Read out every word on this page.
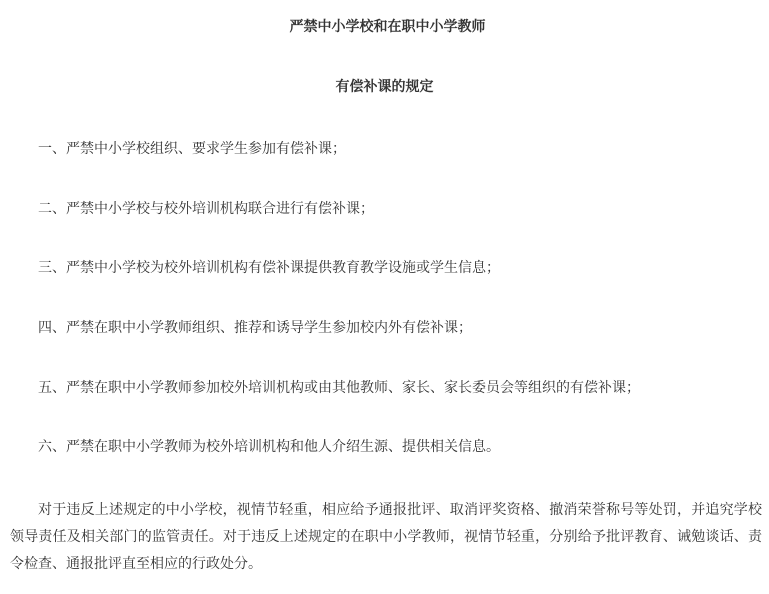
严禁中小学校和在职中小学教师
有偿补课的规定
一、严禁中小学校组织、要求学生参加有偿补课；
二、严禁中小学校与校外培训机构联合进行有偿补课；
三、严禁中小学校为校外培训机构有偿补课提供教育教学设施或学生信息；
四、严禁在职中小学教师组织、推荐和诱导学生参加校内外有偿补课；
五、严禁在职中小学教师参加校外培训机构或由其他教师、家长、家长委员会等组织的有偿补课；
六、严禁在职中小学教师为校外培训机构和他人介绍生源、提供相关信息。
对于违反上述规定的中小学校，视情节轻重，相应给予通报批评、取消评奖资格、撤消荣誉称号等处罚，并追究学校领导责任及相关部门的监管责任。对于违反上述规定的在职中小学教师，视情节轻重，分别给予批评教育、诫勉谈话、责令检查、通报批评直至相应的行政处分。
